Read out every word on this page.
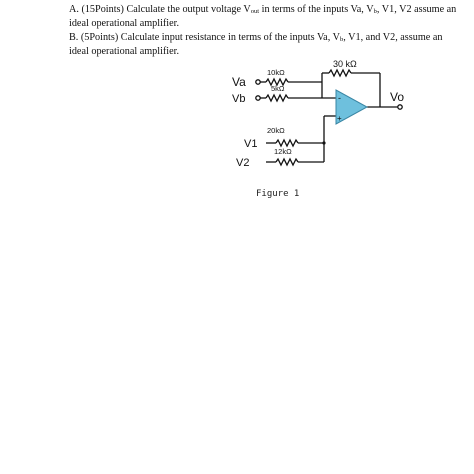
A. (15Points) Calculate the output voltage Vout in terms of the inputs Va, Vb, V1, V2 assume an
ideal operational amplifier.
B. (5Points) Calculate input resistance in terms of the inputs Va, Vb, V1, and V2, assume an
ideal operational amplifier.
-
+
Va
Vb
V1
V2
Vo
10kΩ
5kΩ
30 kΩ
20kΩ
12kΩ
Figure 1
